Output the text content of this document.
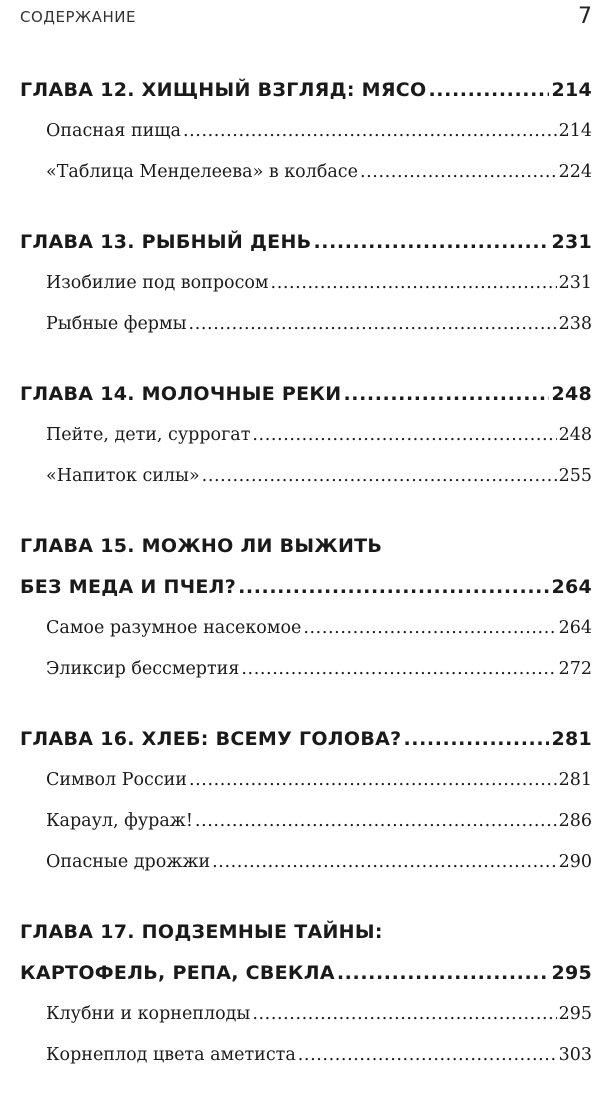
СОДЕРЖАНИЕ	7
ГЛАВА 12. ХИЩНЫЙ ВЗГЛЯД: МЯСО .....	214
Опасная пища .....	214
«Таблица Менделеева» в колбасе .....	224
ГЛАВА 13. РЫБНЫЙ ДЕНЬ .....	231
Изобилие под вопросом .....	231
Рыбные фермы .....	238
ГЛАВА 14. МОЛОЧНЫЕ РЕКИ .....	248
Пейте, дети, суррогат .....	248
«Напиток силы» .....	255
ГЛАВА 15. МОЖНО ЛИ ВЫЖИТЬ
БЕЗ МЕДА И ПЧЕЛ? .....	264
Самое разумное насекомое .....	264
Эликсир бессмертия .....	272
ГЛАВА 16. ХЛЕБ: ВСЕМУ ГОЛОВА? .....	281
Символ России .....	281
Караул, фураж! .....	286
Опасные дрожжи .....	290
ГЛАВА 17. ПОДЗЕМНЫЕ ТАЙНЫ:
КАРТОФЕЛЬ, РЕПА, СВЕКЛА .....	295
Клубни и корнеплоды .....	295
Корнеплод цвета аметиста .....	303
